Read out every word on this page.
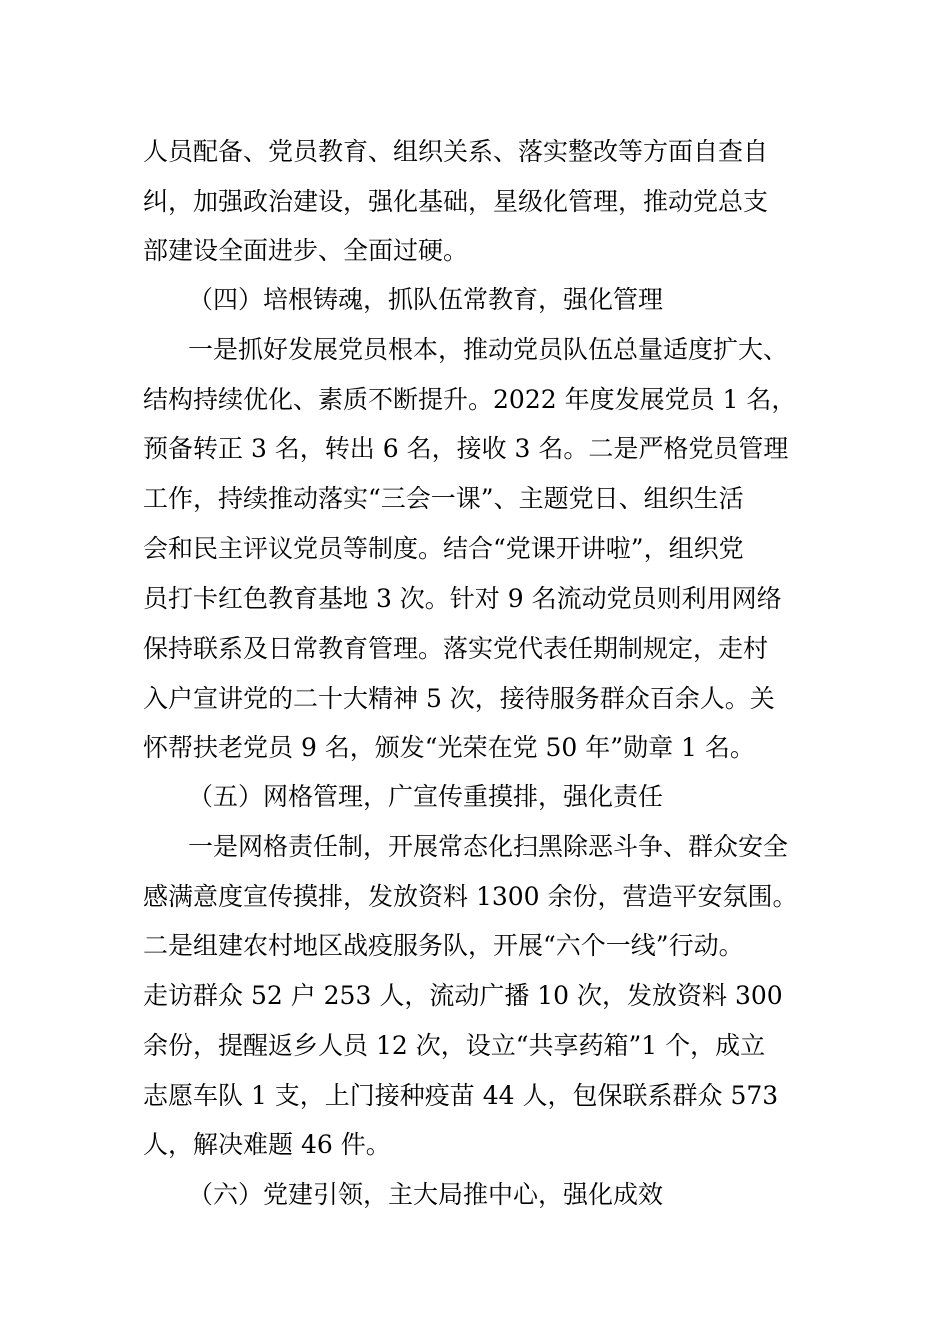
人员配备、党员教育、组织关系、落实整改等方面自查自
纠，加强政治建设，强化基础，星级化管理，推动党总支
部建设全面进步、全面过硬。
（四）培根铸魂，抓队伍常教育，强化管理
一是抓好发展党员根本，推动党员队伍总量适度扩大、
结构持续优化、素质不断提升。2022 年度发展党员 1 名，
预备转正 3 名，转出 6 名，接收 3 名。二是严格党员管理
工作，持续推动落实“三会一课”、主题党日、组织生活
会和民主评议党员等制度。结合“党课开讲啦”，组织党
员打卡红色教育基地 3 次。针对 9 名流动党员则利用网络
保持联系及日常教育管理。落实党代表任期制规定，走村
入户宣讲党的二十大精神 5 次，接待服务群众百余人。关
怀帮扶老党员 9 名，颁发“光荣在党 50 年”勋章 1 名。
（五）网格管理，广宣传重摸排，强化责任
一是网格责任制，开展常态化扫黑除恶斗争、群众安全
感满意度宣传摸排，发放资料 1300 余份，营造平安氛围。
二是组建农村地区战疫服务队，开展“六个一线”行动。
走访群众 52 户 253 人，流动广播 10 次，发放资料 300
余份，提醒返乡人员 12 次，设立“共享药箱”1 个，成立
志愿车队 1 支，上门接种疫苗 44 人，包保联系群众 573
人，解决难题 46 件。
（六）党建引领，主大局推中心，强化成效
